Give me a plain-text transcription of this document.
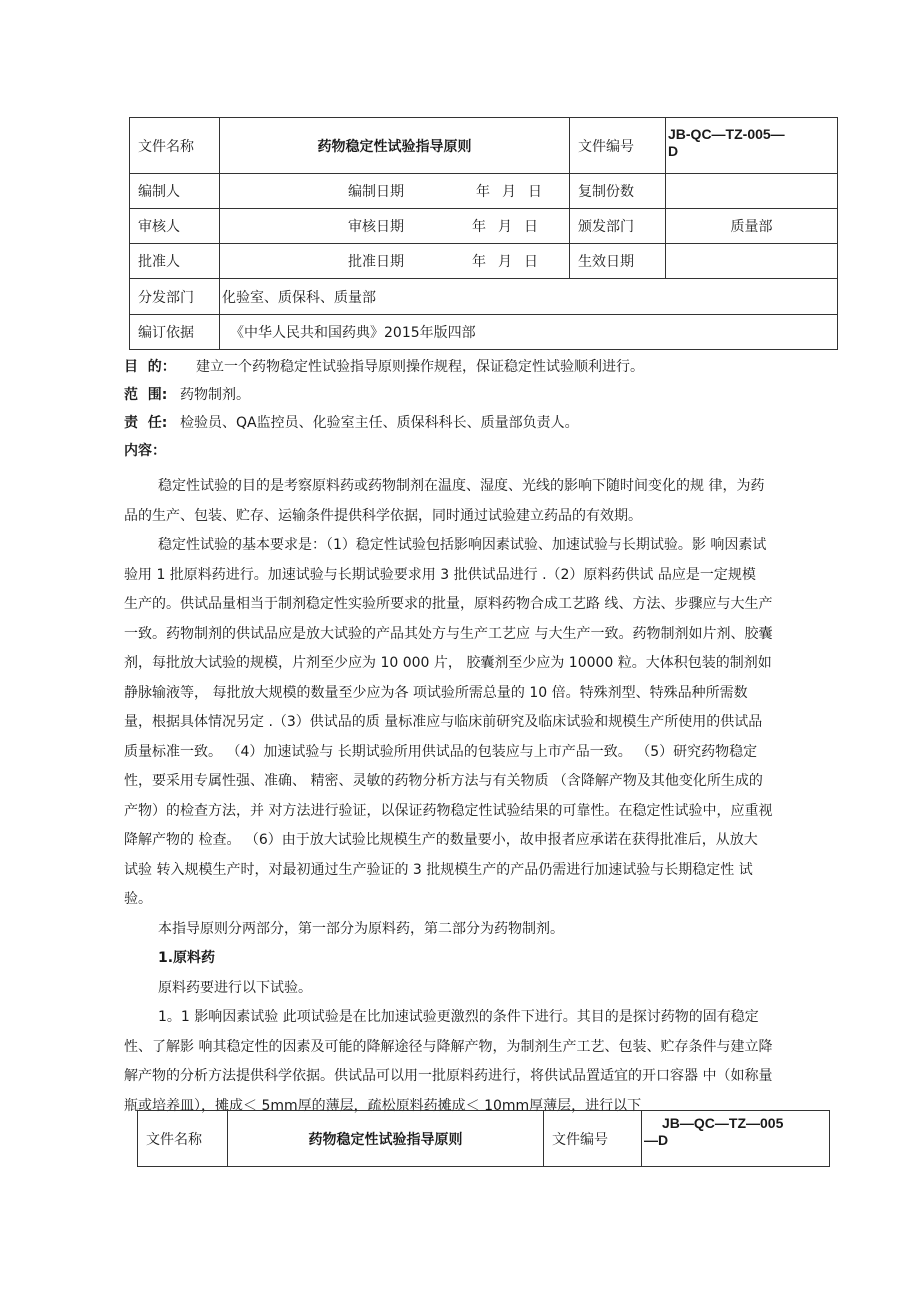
文件名称	药物稳定性试验指导原则	文件编号	JB-QC—TZ-005—
D

编制人	编制日期 年 月 日	复制份数	
审核人	审核日期 年 月 日	颁发部门	质量部
批准人	批准日期 年 月 日	生效日期	
分发部门	化验室、质保科、质量部		
编订依据	《中华人民共和国药典》2015年版四部		
目  的： 建立一个药物稳定性试验指导原则操作规程，保证稳定性试验顺利进行。
范  围: 药物制剂。
责  任: 检验员、QA监控员、化验室主任、质保科科长、质量部负责人。
内容：
稳定性试验的目的是考察原料药或药物制剂在温度、湿度、光线的影响下随时间变化的规 律，为药
品的生产、包装、贮存、运输条件提供科学依据，同时通过试验建立药品的有效期。
稳定性试验的基本要求是：（1）稳定性试验包括影响因素试验、加速试验与长期试验。影 响因素试
验用 1 批原料药进行。加速试验与长期试验要求用 3 批供试品进行 .（2）原料药供试 品应是一定规模
生产的。供试品量相当于制剂稳定性实验所要求的批量，原料药物合成工艺路 线、方法、步骤应与大生产
一致。药物制剂的供试品应是放大试验的产品其处方与生产工艺应 与大生产一致。药物制剂如片剂、胶囊
剂，每批放大试验的规模，片剂至少应为 10 000 片， 胶囊剂至少应为 10000 粒。大体积包装的制剂如
静脉输液等， 每批放大规模的数量至少应为各 项试验所需总量的 10 倍。特殊剂型、特殊品种所需数
量，根据具体情况另定 .（3）供试品的质 量标准应与临床前研究及临床试验和规模生产所使用的供试品
质量标准一致。 （4）加速试验与 长期试验所用供试品的包装应与上市产品一致。 （5）研究药物稳定
性，要采用专属性强、准确、 精密、灵敏的药物分析方法与有关物质 （含降解产物及其他变化所生成的
产物）的检查方法，并 对方法进行验证，以保证药物稳定性试验结果的可靠性。在稳定性试验中，应重视
降解产物的 检查。 （6）由于放大试验比规模生产的数量要小，故申报者应承诺在获得批准后，从放大
试验 转入规模生产时，对最初通过生产验证的 3 批规模生产的产品仍需进行加速试验与长期稳定性 试
验。
本指导原则分两部分，第一部分为原料药，第二部分为药物制剂。
1.原料药
原料药要进行以下试验。
1。1 影响因素试验 此项试验是在比加速试验更激烈的条件下进行。其目的是探讨药物的固有稳定
性、了解影 响其稳定性的因素及可能的降解途径与降解产物，为制剂生产工艺、包装、贮存条件与建立降
解产物的分析方法提供科学依据。供试品可以用一批原料药进行，将供试品置适宜的开口容器 中（如称量
瓶或培养皿），摊成＜ 5mm厚的薄层，疏松原料药摊成＜ 10mm厚薄层，进行以下
文件名称	药物稳定性试验指导原则	文件编号	
JB—QC—TZ—005
—D
